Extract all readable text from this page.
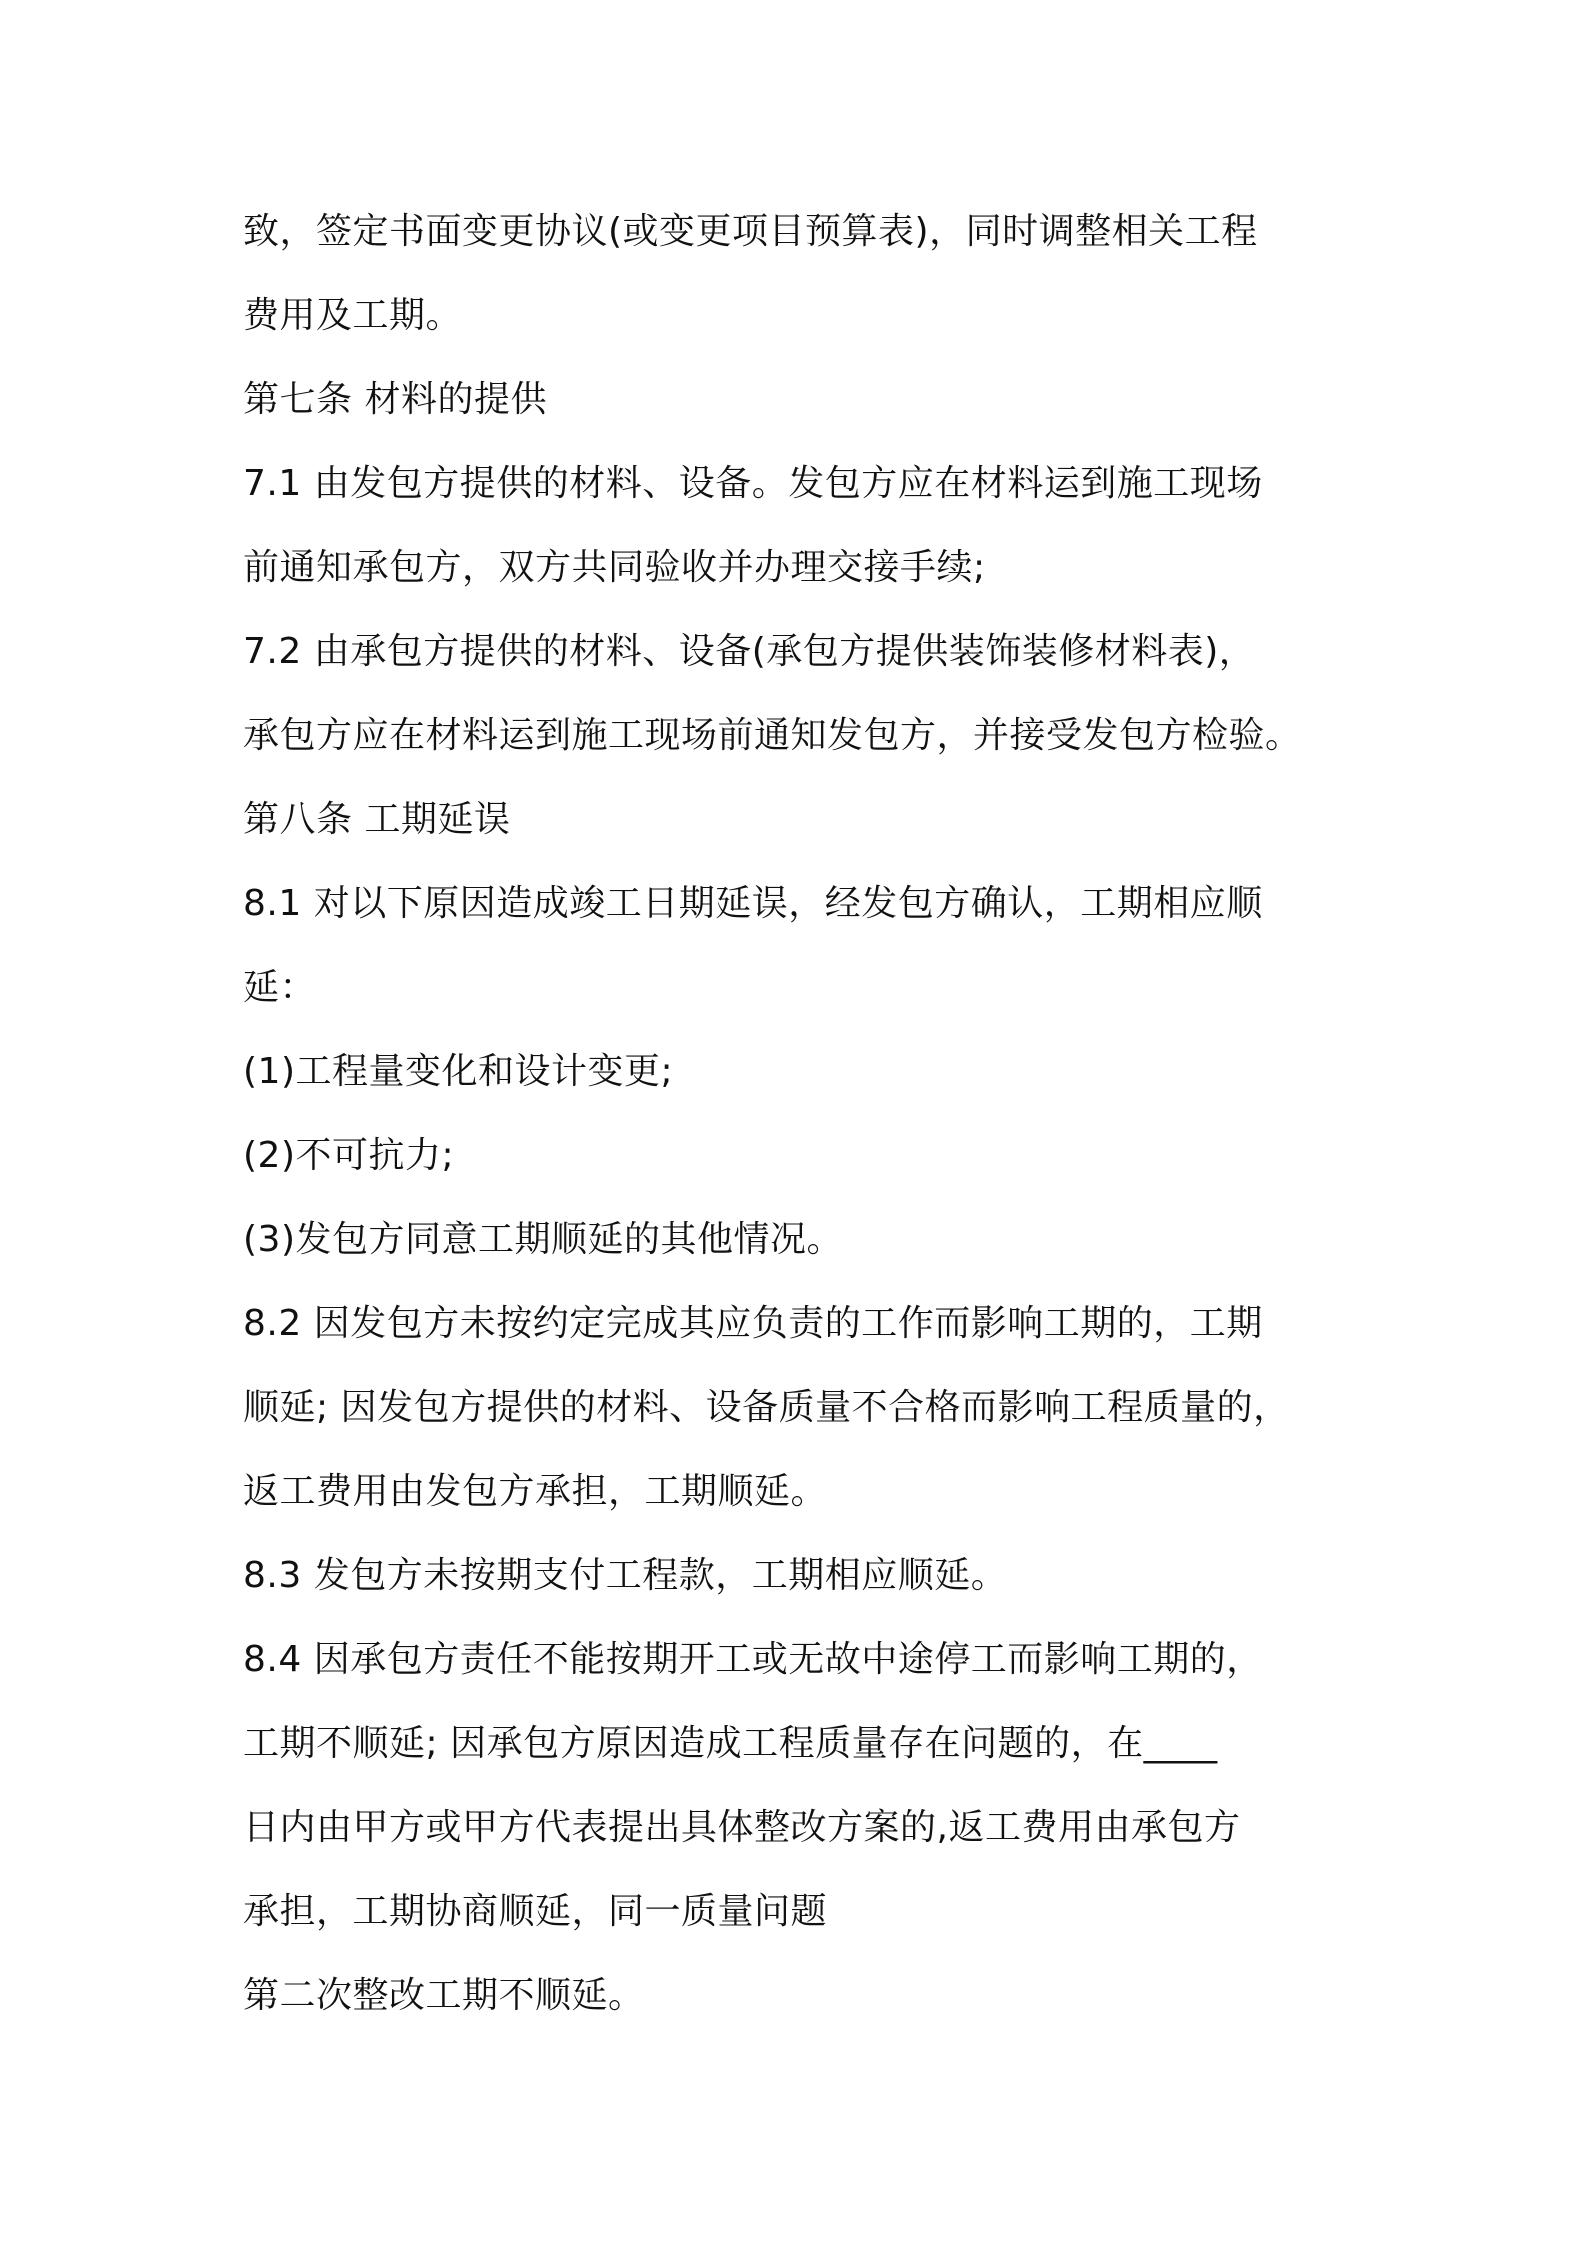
致，签定书面变更协议(或变更项目预算表)，同时调整相关工程
费用及工期。
第七条 材料的提供
7.1 由发包方提供的材料、设备。发包方应在材料运到施工现场
前通知承包方，双方共同验收并办理交接手续;
7.2 由承包方提供的材料、设备(承包方提供装饰装修材料表)，
承包方应在材料运到施工现场前通知发包方，并接受发包方检验。
第八条 工期延误
8.1 对以下原因造成竣工日期延误，经发包方确认，工期相应顺
延：
(1)工程量变化和设计变更;
(2)不可抗力;
(3)发包方同意工期顺延的其他情况。
8.2 因发包方未按约定完成其应负责的工作而影响工期的，工期
顺延; 因发包方提供的材料、设备质量不合格而影响工程质量的，
返工费用由发包方承担，工期顺延。
8.3 发包方未按期支付工程款，工期相应顺延。
8.4 因承包方责任不能按期开工或无故中途停工而影响工期的，
工期不顺延; 因承包方原因造成工程质量存在问题的，在____
日内由甲方或甲方代表提出具体整改方案的,返工费用由承包方
承担，工期协商顺延，同一质量问题
第二次整改工期不顺延。
